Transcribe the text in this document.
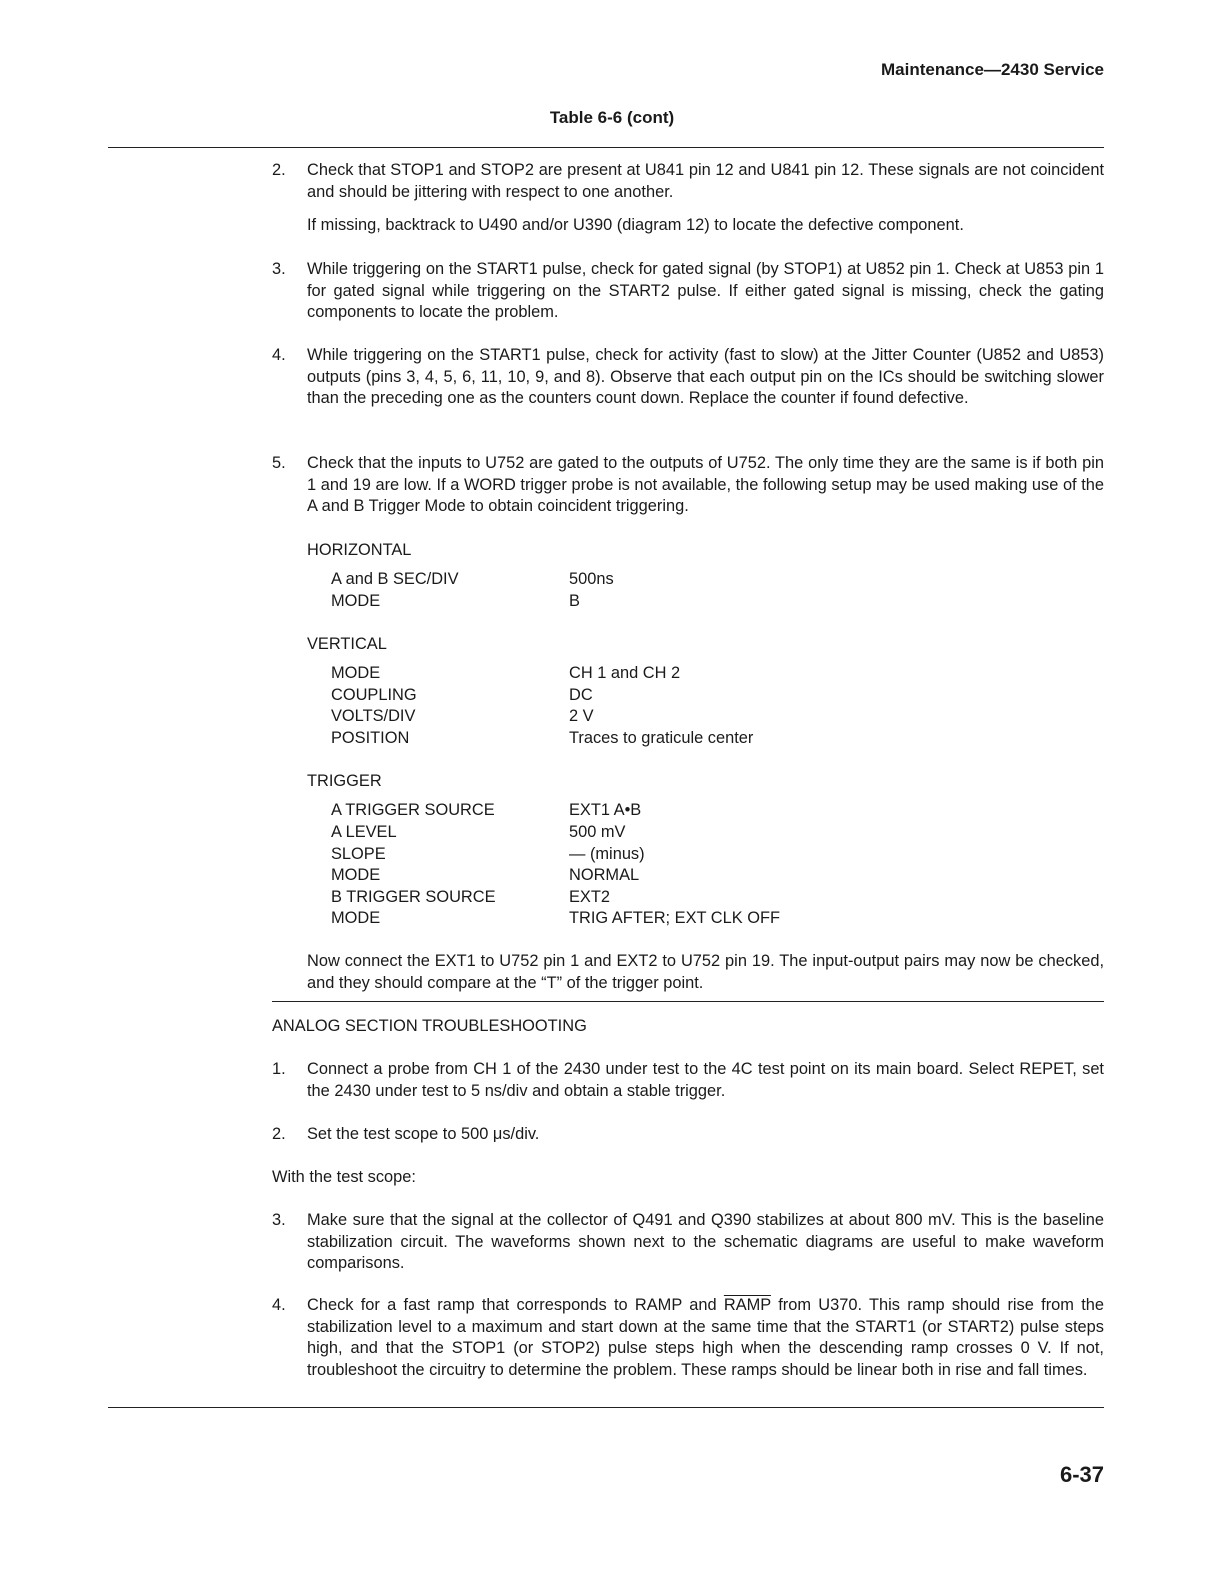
Maintenance—2430 Service
Table 6-6 (cont)
2. Check that STOP1 and STOP2 are present at U841 pin 12 and U841 pin 12. These signals are not coincident and should be jittering with respect to one another.
If missing, backtrack to U490 and/or U390 (diagram 12) to locate the defective component.
3. While triggering on the START1 pulse, check for gated signal (by STOP1) at U852 pin 1. Check at U853 pin 1 for gated signal while triggering on the START2 pulse. If either gated signal is missing, check the gating components to locate the problem.
4. While triggering on the START1 pulse, check for activity (fast to slow) at the Jitter Counter (U852 and U853) outputs (pins 3, 4, 5, 6, 11, 10, 9, and 8). Observe that each output pin on the ICs should be switching slower than the preceding one as the counters count down. Replace the counter if found defective.
5. Check that the inputs to U752 are gated to the outputs of U752. The only time they are the same is if both pin 1 and 19 are low. If a WORD trigger probe is not available, the following setup may be used making use of the A and B Trigger Mode to obtain coincident triggering.
HORIZONTAL
A and B SEC/DIV	500ns
MODE	B
VERTICAL
MODE	CH 1 and CH 2
COUPLING	DC
VOLTS/DIV	2 V
POSITION	Traces to graticule center
TRIGGER
A TRIGGER SOURCE	EXT1 A•B
A LEVEL	500 mV
SLOPE	— (minus)
MODE	NORMAL
B TRIGGER SOURCE	EXT2
MODE	TRIG AFTER; EXT CLK OFF
Now connect the EXT1 to U752 pin 1 and EXT2 to U752 pin 19. The input-output pairs may now be checked, and they should compare at the “T” of the trigger point.
ANALOG SECTION TROUBLESHOOTING
1. Connect a probe from CH 1 of the 2430 under test to the 4C test point on its main board. Select REPET, set the 2430 under test to 5 ns/div and obtain a stable trigger.
2. Set the test scope to 500 μs/div.
With the test scope:
3. Make sure that the signal at the collector of Q491 and Q390 stabilizes at about 800 mV. This is the baseline stabilization circuit. The waveforms shown next to the schematic diagrams are useful to make waveform comparisons.
4. Check for a fast ramp that corresponds to RAMP and RAMP from U370. This ramp should rise from the stabilization level to a maximum and start down at the same time that the START1 (or START2) pulse steps high, and that the STOP1 (or STOP2) pulse steps high when the descending ramp crosses 0 V. If not, troubleshoot the circuitry to determine the problem. These ramps should be linear both in rise and fall times.
6-37
